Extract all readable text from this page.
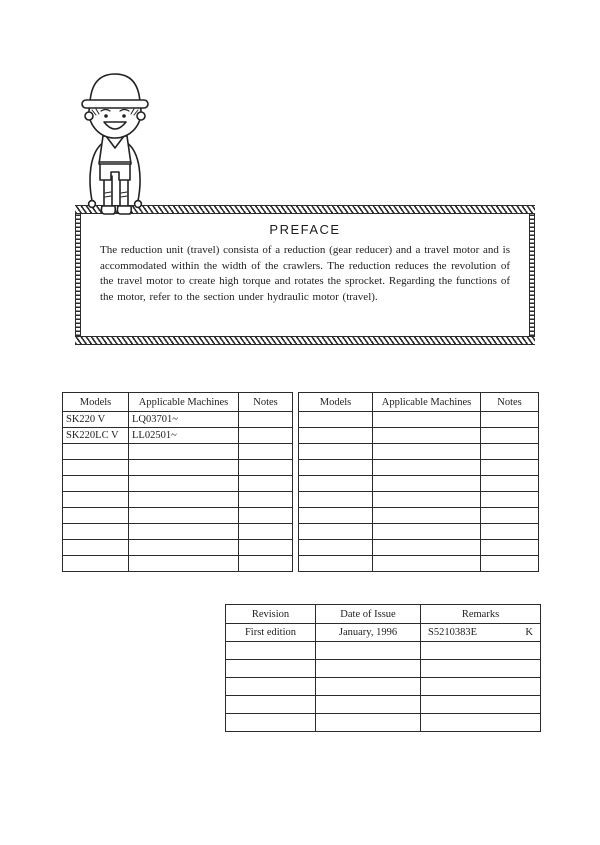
PREFACE

The reduction unit (travel) consista of a reduction (gear reducer) and a travel motor and is accommodated within the width of the crawlers. The reduction reduces the revolution of the travel motor to create high torque and rotates the sprocket. Regarding the functions of the motor, refer to the section under hydraulic motor (travel).

Models	Applicable Machines	Notes
SK220 V	LQ03701~	
SK220LC V	LL02501~	

Models	Applicable Machines	Notes

Revision	Date of Issue	Remarks
First edition	January, 1996	S5210383E K
